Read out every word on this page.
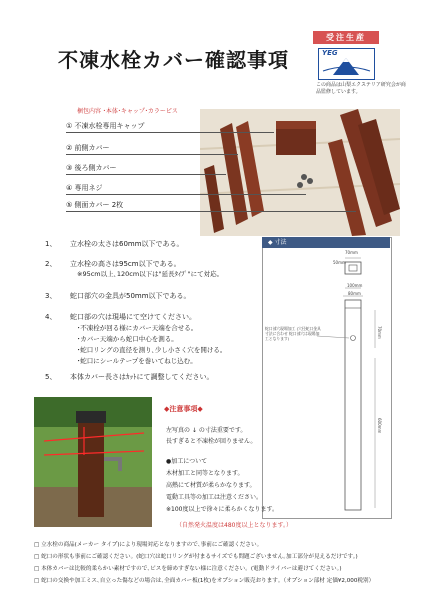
受注生産
不凍水栓カバー確認事項	YEG
この商品は山梨エクステリア研究会が商品監修しています。
梱包内容 ･本体･キャップ･カラーピス
① 不凍水栓専用キャップ
② 前側カバー
③ 後ろ側カバー
④ 専用ネジ
⑤ 側面カバー 2枚
1、 立水栓の太さは60mm以下である。
2、 立水栓の高さは95cm以下である。
※95cm以上､120cm以下は"延長ﾀｲﾌﾟ"にて対応。
3、 蛇口部穴の金具が50mm以下である。
4、 蛇口部の穴は現場にて空けてください。
･不凍栓が回る様にカバー天端を合せる。
･カバー天端から蛇口中心を測る。
･蛇口リングの直径を測り､少し小さく穴を開ける。
･蛇口にシールテープを巻いてねじ込む。
5、 本体カバー長さはｶｯﾄにて調整してください。
70mm
50mm
100mm
80mm
70mm
600mm
蛇口部穴現場加工 (穴径蛇口金具寸法に合わせ 蛇口部穴は現場加工となります)
◆ 寸法
◆注意事項◆
左写真の ↓ の寸法重要です。
長すぎると不凍栓が回りません。
●加工について
木材加工と同等となります。
高熱にて材質が柔らかなります。
電動工具等の加工は注意ください。
※100度以上で徐々に柔らかくなります。
（自然発火温度は480度以上となります。）
□ 立水栓の商品(メーカー タイプ)により現場対応となりますので､事前にご確認ください。
□ 蛇口の形状も事前にご確認ください。(蛇口穴は蛇口リングが付まるサイズでも問題ございません｡加工部分が見えるだけです。)
□ 本体カバーは比較的柔らかい素材ですので､ビスを締めすぎない様に注意ください。(電動ドライバーは避けてください。)
□ 蛇口の交換や加工ミス､自立った傷などの場合は､全面カバー板(1枚)をオプション販売おります｡（オプション部材 定価¥2,000税別）
